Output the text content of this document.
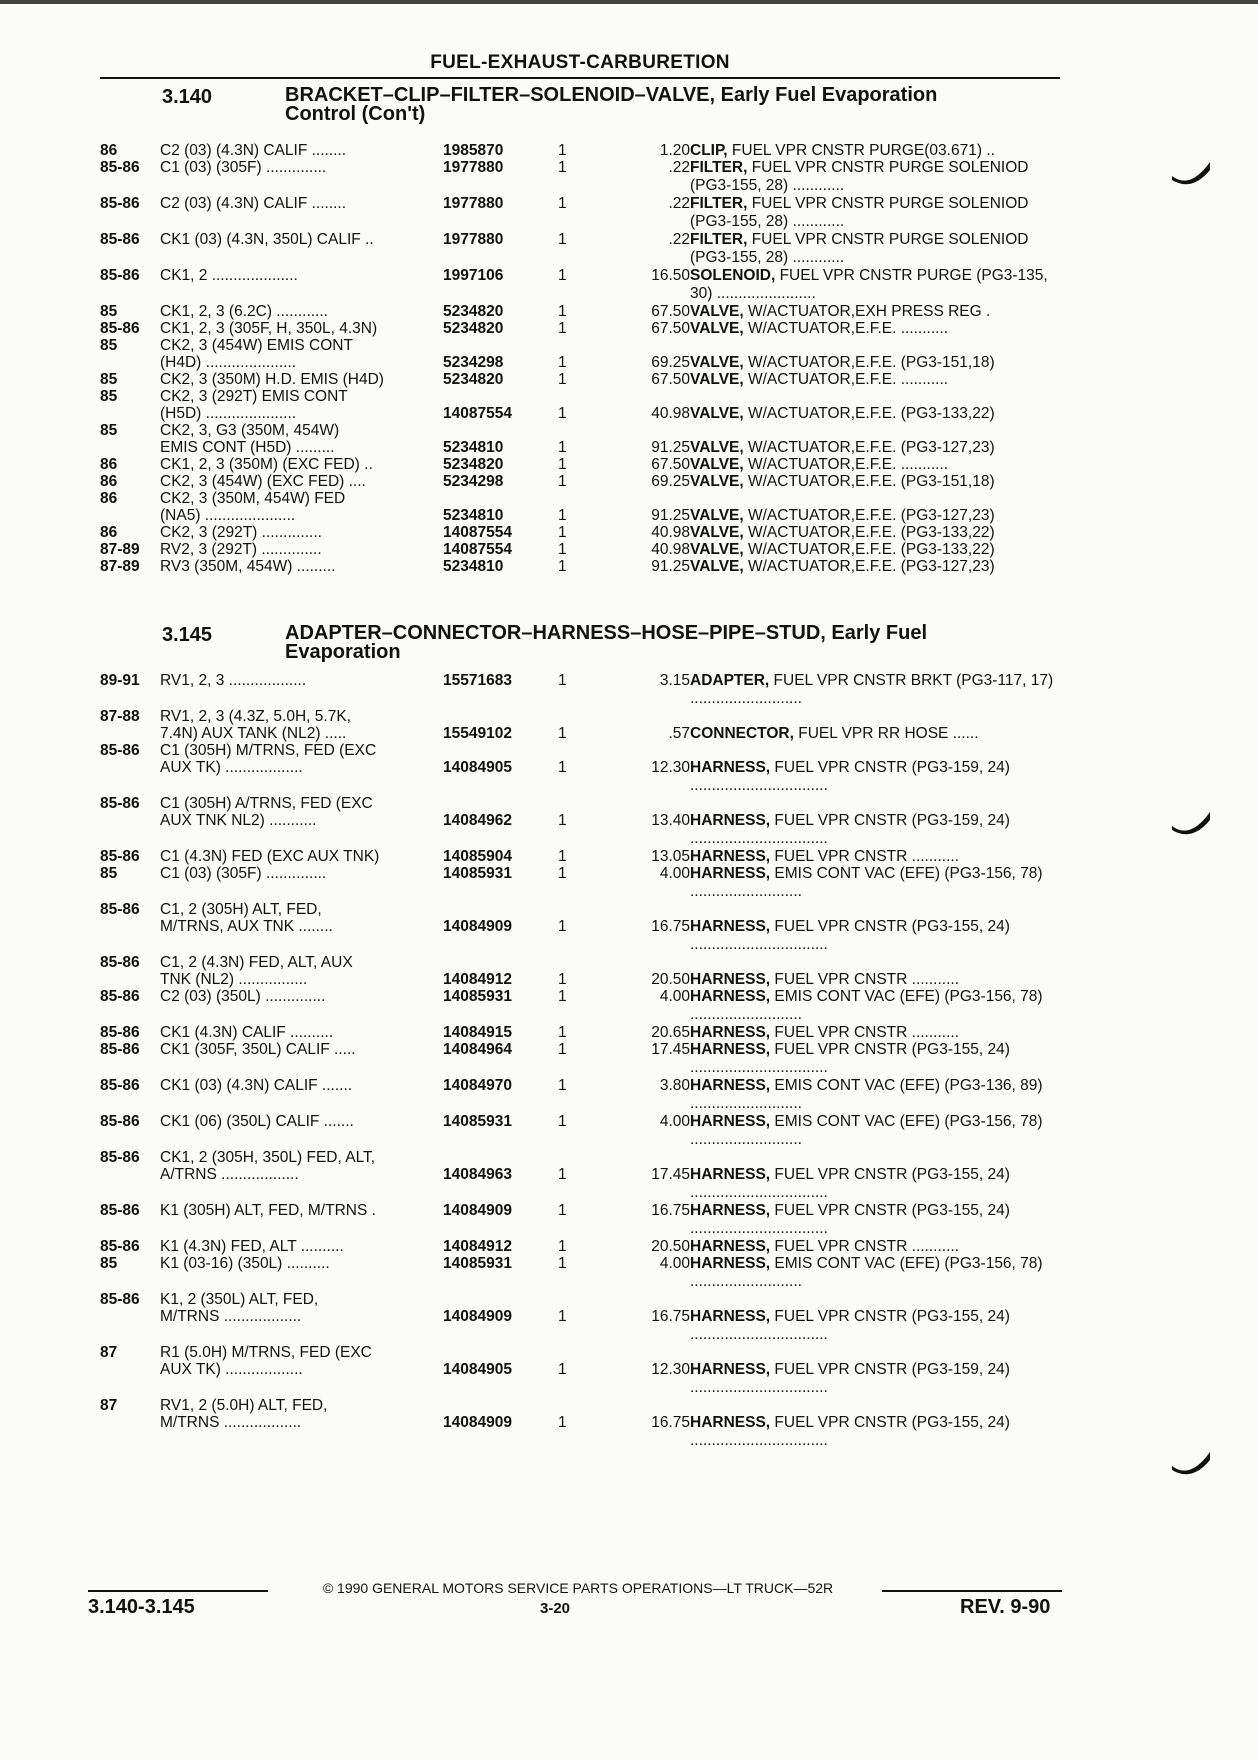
FUEL-EXHAUST-CARBURETION
3.140	BRACKET–CLIP–FILTER–SOLENOID–VALVE, Early Fuel Evaporation
Control (Con't)
86	C2 (03) (4.3N) CALIF ........	1985870	1	1.20 CLIP, FUEL VPR CNSTR PURGE(03.671) ..
85-86 C1 (03) (305F) ..............	1977880	1	.22 FILTER, FUEL VPR CNSTR PURGE SOLENIOD (PG3-155, 28) ............
85-86 C2 (03) (4.3N) CALIF ........	1977880	1	.22 FILTER, FUEL VPR CNSTR PURGE SOLENIOD (PG3-155, 28) ............
85-86 CK1 (03) (4.3N, 350L) CALIF ..	1977880	1	.22 FILTER, FUEL VPR CNSTR PURGE SOLENIOD (PG3-155, 28) ............
85-86 CK1, 2 ....................	1997106	1	16.50 SOLENOID, FUEL VPR CNSTR PURGE (PG3-135, 30) .......................
85	CK1, 2, 3 (6.2C) ............	5234820	1	67.50 VALVE, W/ACTUATOR,EXH PRESS REG .
85-86 CK1, 2, 3 (305F, H, 350L, 4.3N)	5234820	1	67.50 VALVE, W/ACTUATOR,E.F.E. ...........
85	CK2, 3 (454W) EMIS CONT
(H4D) .....................	5234298	1	69.25 VALVE, W/ACTUATOR,E.F.E. (PG3-151,18)
85	CK2, 3 (350M) H.D. EMIS (H4D)	5234820	1	67.50 VALVE, W/ACTUATOR,E.F.E. ...........
85	CK2, 3 (292T) EMIS CONT
(H5D) .....................	14087554	1	40.98 VALVE, W/ACTUATOR,E.F.E. (PG3-133,22)
85	CK2, 3, G3 (350M, 454W)
EMIS CONT (H5D) .........	5234810	1	91.25 VALVE, W/ACTUATOR,E.F.E. (PG3-127,23)
86	CK1, 2, 3 (350M) (EXC FED) ..	5234820	1	67.50 VALVE, W/ACTUATOR,E.F.E. ...........
86	CK2, 3 (454W) (EXC FED) ....	5234298	1	69.25 VALVE, W/ACTUATOR,E.F.E. (PG3-151,18)
86	CK2, 3 (350M, 454W) FED
(NA5) .....................	5234810	1	91.25 VALVE, W/ACTUATOR,E.F.E. (PG3-127,23)
86	CK2, 3 (292T) ..............	14087554	1	40.98 VALVE, W/ACTUATOR,E.F.E. (PG3-133,22)
87-89 RV2, 3 (292T) ..............	14087554	1	40.98 VALVE, W/ACTUATOR,E.F.E. (PG3-133,22)
87-89 RV3 (350M, 454W) .........	5234810	1	91.25 VALVE, W/ACTUATOR,E.F.E. (PG3-127,23)
3.145	ADAPTER–CONNECTOR–HARNESS–HOSE–PIPE–STUD, Early Fuel
Evaporation
89-91 RV1, 2, 3 ..................	15571683	1	3.15 ADAPTER, FUEL VPR CNSTR BRKT (PG3-117, 17) ..........................
87-88 RV1, 2, 3 (4.3Z, 5.0H, 5.7K,
7.4N) AUX TANK (NL2) .....	15549102	1	.57 CONNECTOR, FUEL VPR RR HOSE ......
85-86 C1 (305H) M/TRNS, FED (EXC
AUX TK) ..................	14084905	1	12.30 HARNESS, FUEL VPR CNSTR (PG3-159, 24) ................................
85-86 C1 (305H) A/TRNS, FED (EXC
AUX TNK NL2) ...........	14084962	1	13.40 HARNESS, FUEL VPR CNSTR (PG3-159, 24) ................................
85-86 C1 (4.3N) FED (EXC AUX TNK)	14085904	1	13.05 HARNESS, FUEL VPR CNSTR ...........
85	C1 (03) (305F) ..............	14085931	1	4.00 HARNESS, EMIS CONT VAC (EFE) (PG3-156, 78) ..........................
85-86 C1, 2 (305H) ALT, FED,
M/TRNS, AUX TNK ........	14084909	1	16.75 HARNESS, FUEL VPR CNSTR (PG3-155, 24) ................................
85-86 C1, 2 (4.3N) FED, ALT, AUX
TNK (NL2) ................	14084912	1	20.50 HARNESS, FUEL VPR CNSTR ...........
85-86 C2 (03) (350L) ..............	14085931	1	4.00 HARNESS, EMIS CONT VAC (EFE) (PG3-156, 78) ..........................
85-86 CK1 (4.3N) CALIF ..........	14084915	1	20.65 HARNESS, FUEL VPR CNSTR ...........
85-86 CK1 (305F, 350L) CALIF .....	14084964	1	17.45 HARNESS, FUEL VPR CNSTR (PG3-155, 24) ................................
85-86 CK1 (03) (4.3N) CALIF .......	14084970	1	3.80 HARNESS, EMIS CONT VAC (EFE) (PG3-136, 89) ..........................
85-86 CK1 (06) (350L) CALIF .......	14085931	1	4.00 HARNESS, EMIS CONT VAC (EFE) (PG3-156, 78) ..........................
85-86 CK1, 2 (305H, 350L) FED, ALT,
A/TRNS ..................	14084963	1	17.45 HARNESS, FUEL VPR CNSTR (PG3-155, 24) ................................
85-86 K1 (305H) ALT, FED, M/TRNS .	14084909	1	16.75 HARNESS, FUEL VPR CNSTR (PG3-155, 24) ................................
85-86 K1 (4.3N) FED, ALT ..........	14084912	1	20.50 HARNESS, FUEL VPR CNSTR ...........
85	K1 (03-16) (350L) ..........	14085931	1	4.00 HARNESS, EMIS CONT VAC (EFE) (PG3-156, 78) ..........................
85-86 K1, 2 (350L) ALT, FED,
M/TRNS ..................	14084909	1	16.75 HARNESS, FUEL VPR CNSTR (PG3-155, 24) ................................
87	R1 (5.0H) M/TRNS, FED (EXC
AUX TK) ..................	14084905	1	12.30 HARNESS, FUEL VPR CNSTR (PG3-159, 24) ................................
87	RV1, 2 (5.0H) ALT, FED,
M/TRNS ..................	14084909	1	16.75 HARNESS, FUEL VPR CNSTR (PG3-155, 24) ................................
© 1990 GENERAL MOTORS SERVICE PARTS OPERATIONS—LT TRUCK—52R
3.140-3.145	3-20	REV. 9-90
